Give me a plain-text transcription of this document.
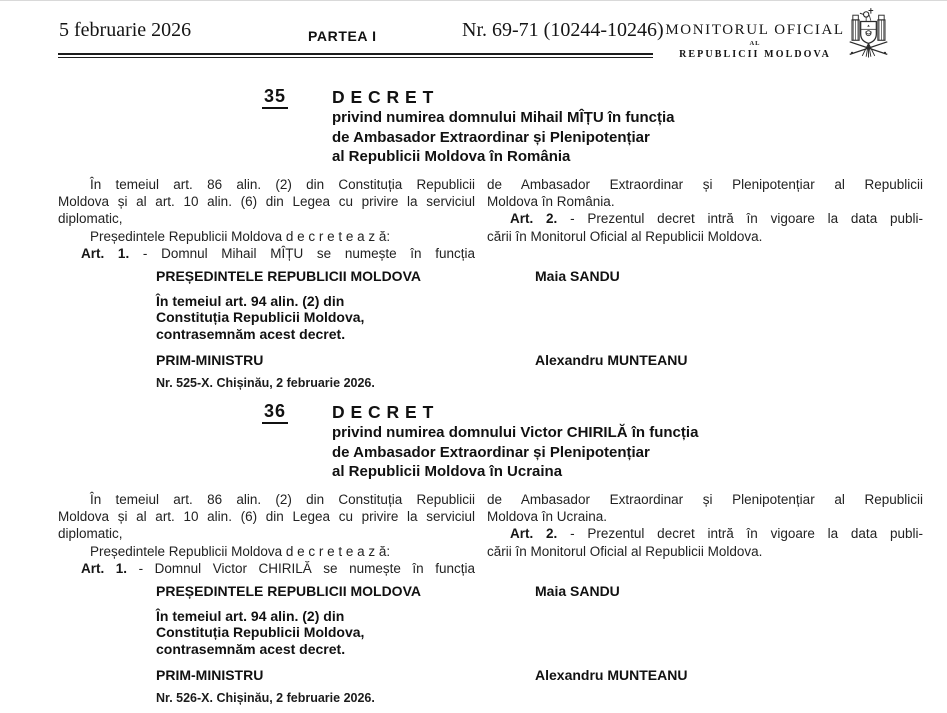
5 februarie 2026	PARTEA I	Nr. 69-71 (10244-10246) MONITORUL OFICIAL
AL
REPUBLICII MOLDOVA
35	D E C R E T
privind numirea domnului Mihail MÎȚU în funcția
de Ambasador Extraordinar și Plenipotențiar
al Republicii Moldova în România
În temeiul art. 86 alin. (2) din Constituția Republicii
Moldova și al art. 10 alin. (6) din Legea cu privire la serviciul
diplomatic,
Președintele Republicii Moldova d e c r e t e a z ă:
Art. 1. - Domnul Mihail MÎȚU se numește în funcția
de Ambasador Extraordinar și Plenipotențiar al Republicii
Moldova în România.
Art. 2. - Prezentul decret intră în vigoare la data publi-
cării în Monitorul Oficial al Republicii Moldova.
PREȘEDINTELE REPUBLICII MOLDOVA	Maia SANDU
În temeiul art. 94 alin. (2) din
Constituția Republicii Moldova,
contrasemnăm acest decret.
PRIM-MINISTRU	Alexandru MUNTEANU
Nr. 525-X. Chișinău, 2 februarie 2026.
36	D E C R E T
privind numirea domnului Victor CHIRILĂ în funcția
de Ambasador Extraordinar și Plenipotențiar
al Republicii Moldova în Ucraina
În temeiul art. 86 alin. (2) din Constituția Republicii
Moldova și al art. 10 alin. (6) din Legea cu privire la serviciul
diplomatic,
Președintele Republicii Moldova d e c r e t e a z ă:
Art. 1. - Domnul Victor CHIRILĂ se numește în funcția
de Ambasador Extraordinar și Plenipotențiar al Republicii
Moldova în Ucraina.
Art. 2. - Prezentul decret intră în vigoare la data publi-
cării în Monitorul Oficial al Republicii Moldova.
PREȘEDINTELE REPUBLICII MOLDOVA	Maia SANDU
În temeiul art. 94 alin. (2) din
Constituția Republicii Moldova,
contrasemnăm acest decret.
PRIM-MINISTRU	Alexandru MUNTEANU
Nr. 526-X. Chișinău, 2 februarie 2026.
